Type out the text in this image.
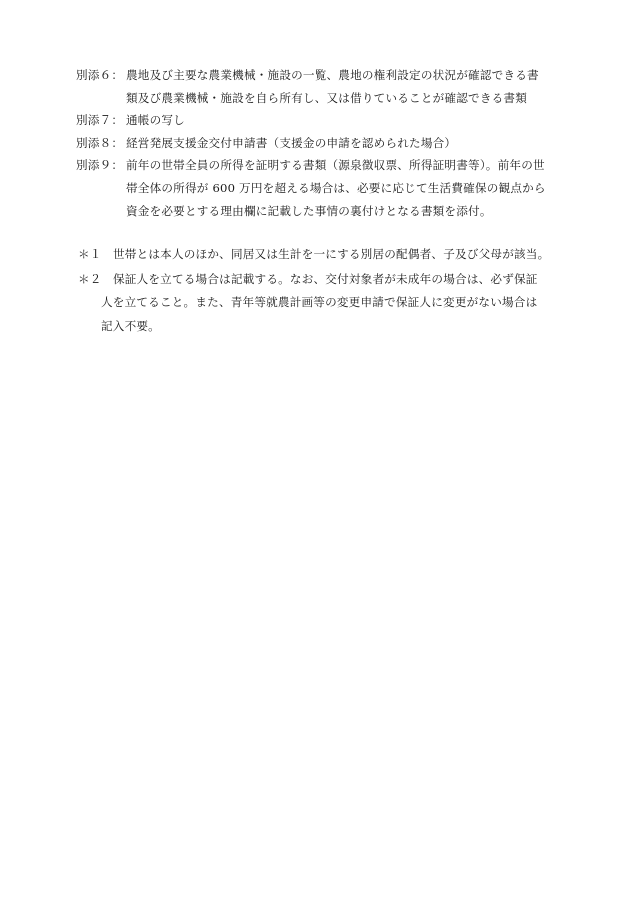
別添６： 農地及び主要な農業機械・施設の一覧、農地の権利設定の状況が確認できる書
類及び農業機械・施設を自ら所有し、又は借りていることが確認できる書類
別添７： 通帳の写し
別添８： 経営発展支援金交付申請書（支援金の申請を認められた場合）
別添９： 前年の世帯全員の所得を証明する書類（源泉徴収票、所得証明書等）。前年の世
帯全体の所得が 600 万円を超える場合は、必要に応じて生活費確保の観点から
資金を必要とする理由欄に記載した事情の裏付けとなる書類を添付。
＊１ 世帯とは本人のほか、同居又は生計を一にする別居の配偶者、子及び父母が該当。
＊２ 保証人を立てる場合は記載する。なお、交付対象者が未成年の場合は、必ず保証
人を立てること。また、青年等就農計画等の変更申請で保証人に変更がない場合は
記入不要。
